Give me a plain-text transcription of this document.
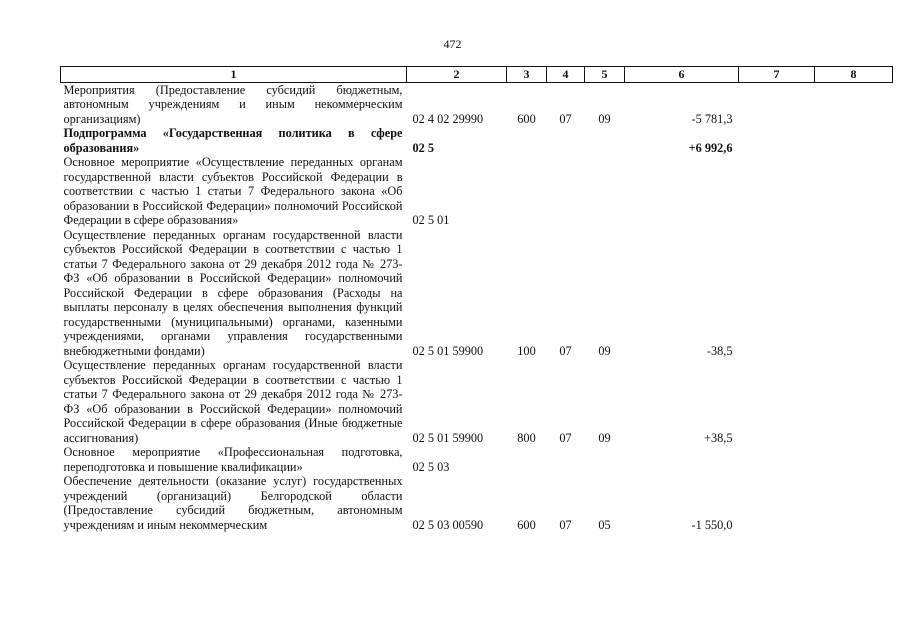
472
1	2	3	4	5	6	7	8
Мероприятия (Предоставление субсидий бюджетным, автономным учреждениям и иным некоммерческим организациям)	02 4 02 29990	600	07	09	-5 781,3		
Подпрограмма «Государственная политика в сфере образования»	02 5				+6 992,6		
Основное мероприятие «Осуществление переданных органам государственной власти субъектов Российской Федерации в соответствии с частью 1 статьи 7 Федерального закона «Об образовании в Российской Федерации» полномочий Российской Федерации в сфере образования»	02 5 01						
Осуществление переданных органам государственной власти субъектов Российской Федерации в соответствии с частью 1 статьи 7 Федерального закона от 29 декабря 2012 года № 273-ФЗ «Об образовании в Российской Федерации» полномочий Российской Федерации в сфере образования (Расходы на выплаты персоналу в целях обеспечения выполнения функций государственными (муниципальными) органами, казенными учреждениями, органами управления государственными внебюджетными фондами)	02 5 01 59900	100	07	09	-38,5		
Осуществление переданных органам государственной власти субъектов Российской Федерации в соответствии с частью 1 статьи 7 Федерального закона от 29 декабря 2012 года № 273-ФЗ «Об образовании в Российской Федерации» полномочий Российской Федерации в сфере образования (Иные бюджетные ассигнования)	02 5 01 59900	800	07	09	+38,5		
Основное мероприятие «Профессиональная подготовка, переподготовка и повышение квалификации»	02 5 03						
Обеспечение деятельности (оказание услуг) государственных учреждений (организаций) Белгородской области (Предоставление субсидий бюджетным, автономным учреждениям и иным некоммерческим	02 5 03 00590	600	07	05	-1 550,0		
